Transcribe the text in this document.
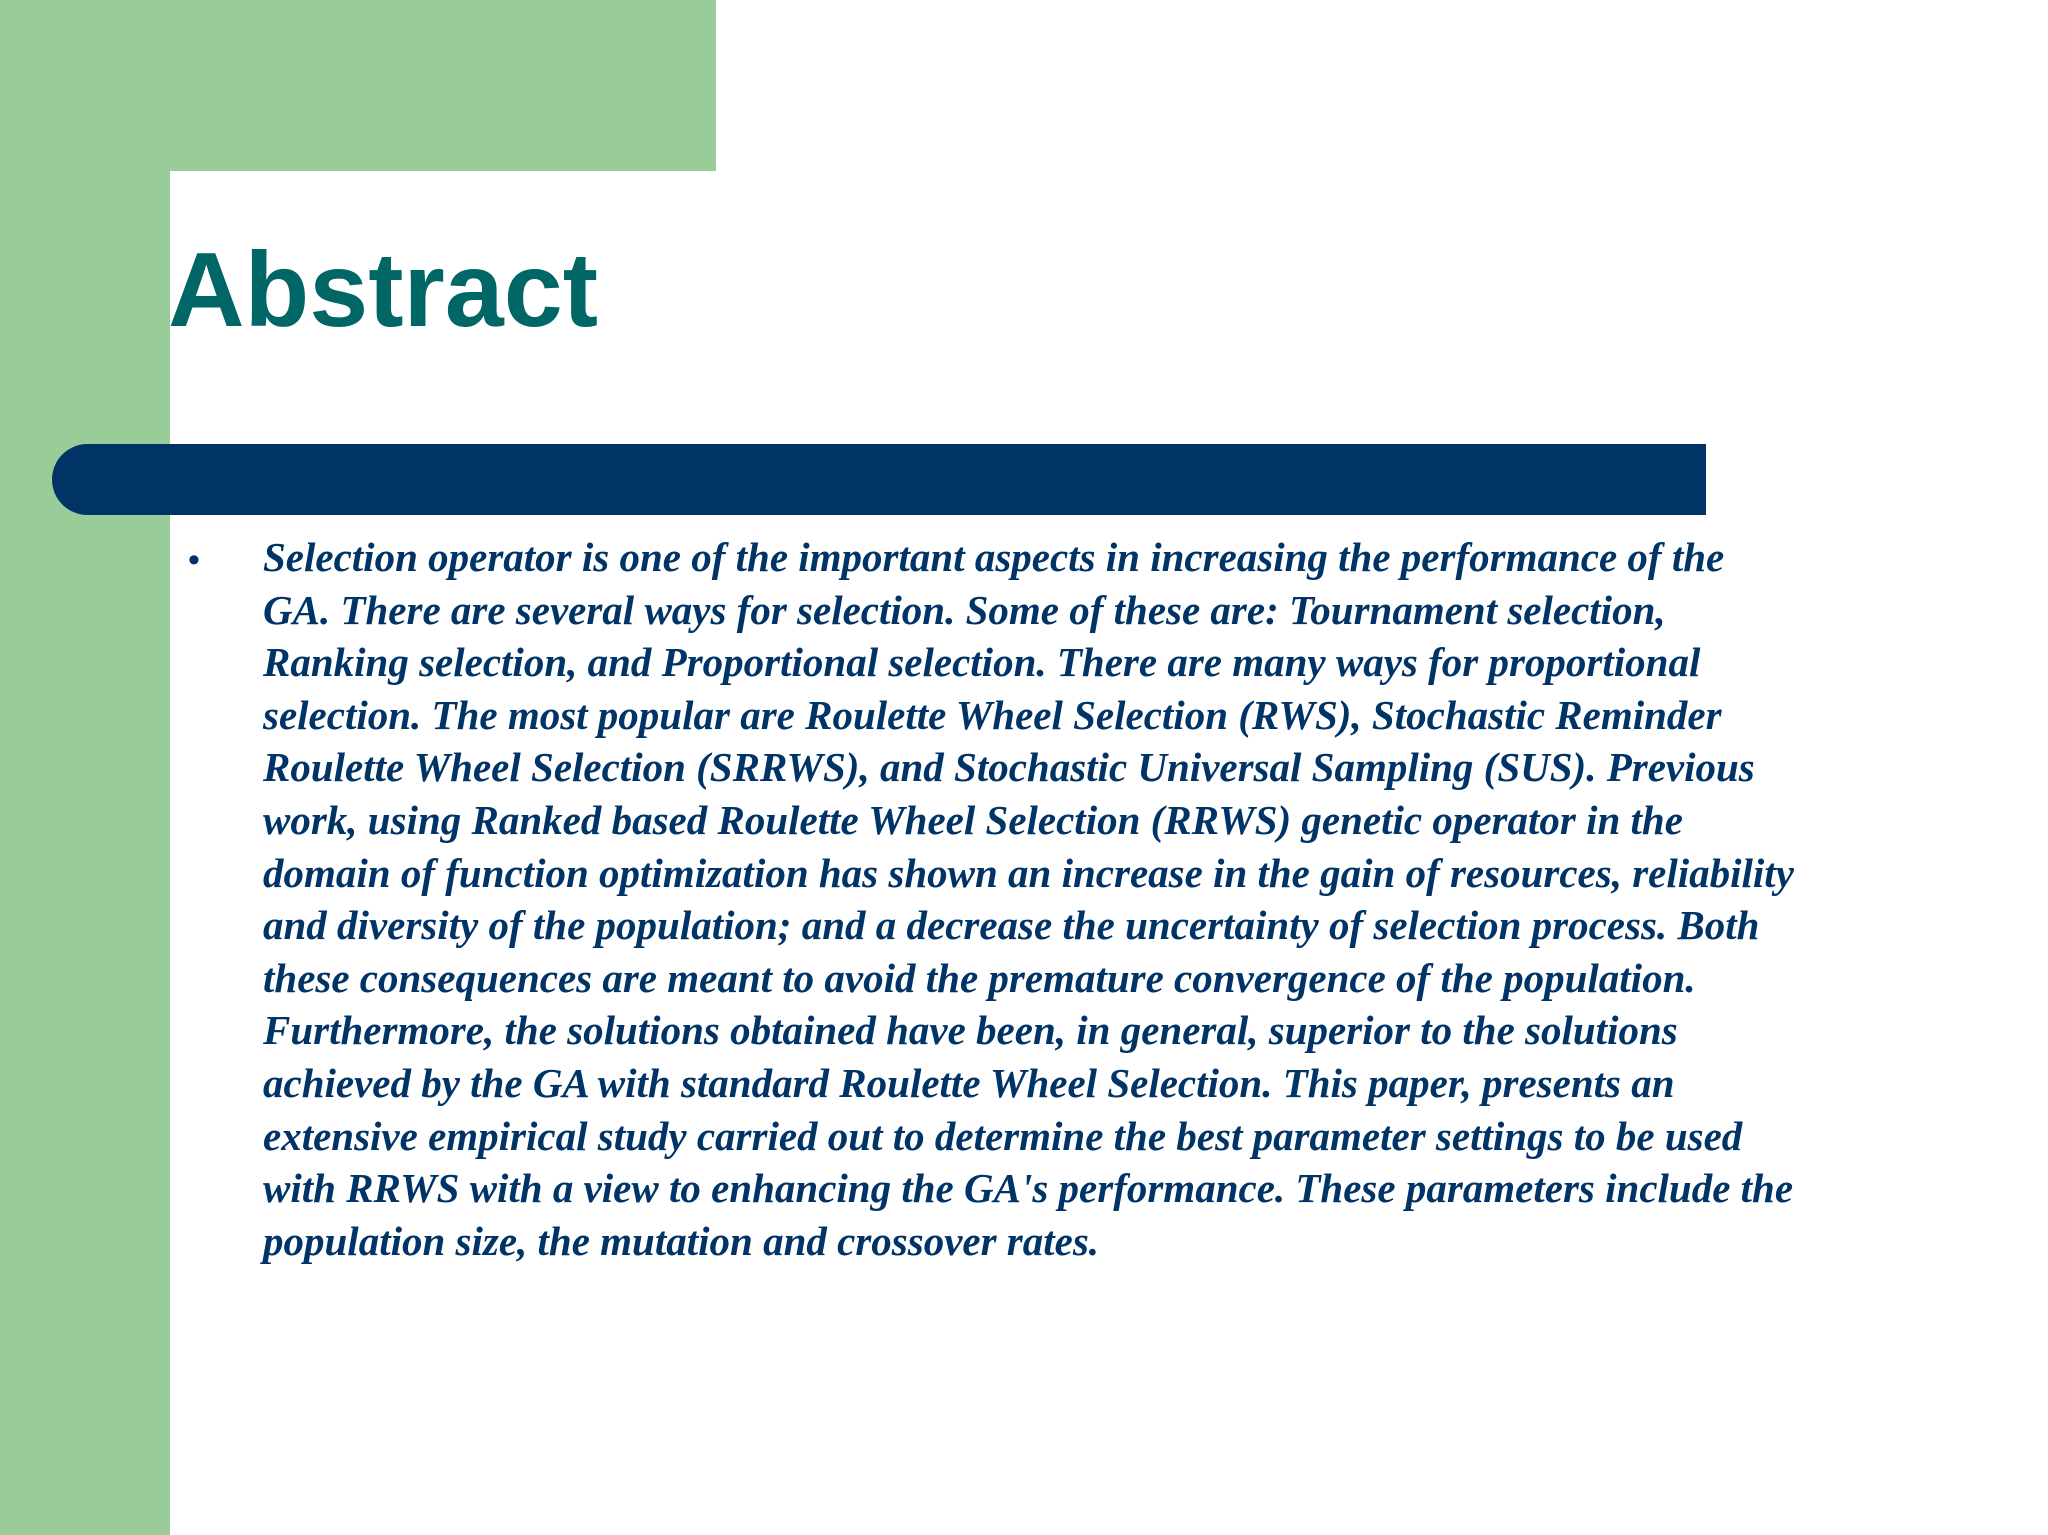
Abstract
• Selection operator is one of the important aspects in increasing the performance of the
GA. There are several ways for selection. Some of these are: Tournament selection,
Ranking selection, and Proportional selection. There are many ways for proportional
selection. The most popular are Roulette Wheel Selection (RWS), Stochastic Reminder
Roulette Wheel Selection (SRRWS), and Stochastic Universal Sampling (SUS). Previous
work, using Ranked based Roulette Wheel Selection (RRWS) genetic operator in the
domain of function optimization has shown an increase in the gain of resources, reliability
and diversity of the population; and a decrease the uncertainty of selection process. Both
these consequences are meant to avoid the premature convergence of the population.
Furthermore, the solutions obtained have been, in general, superior to the solutions
achieved by the GA with standard Roulette Wheel Selection. This paper, presents an
extensive empirical study carried out to determine the best parameter settings to be used
with RRWS with a view to enhancing the GA's performance. These parameters include the
population size, the mutation and crossover rates.
